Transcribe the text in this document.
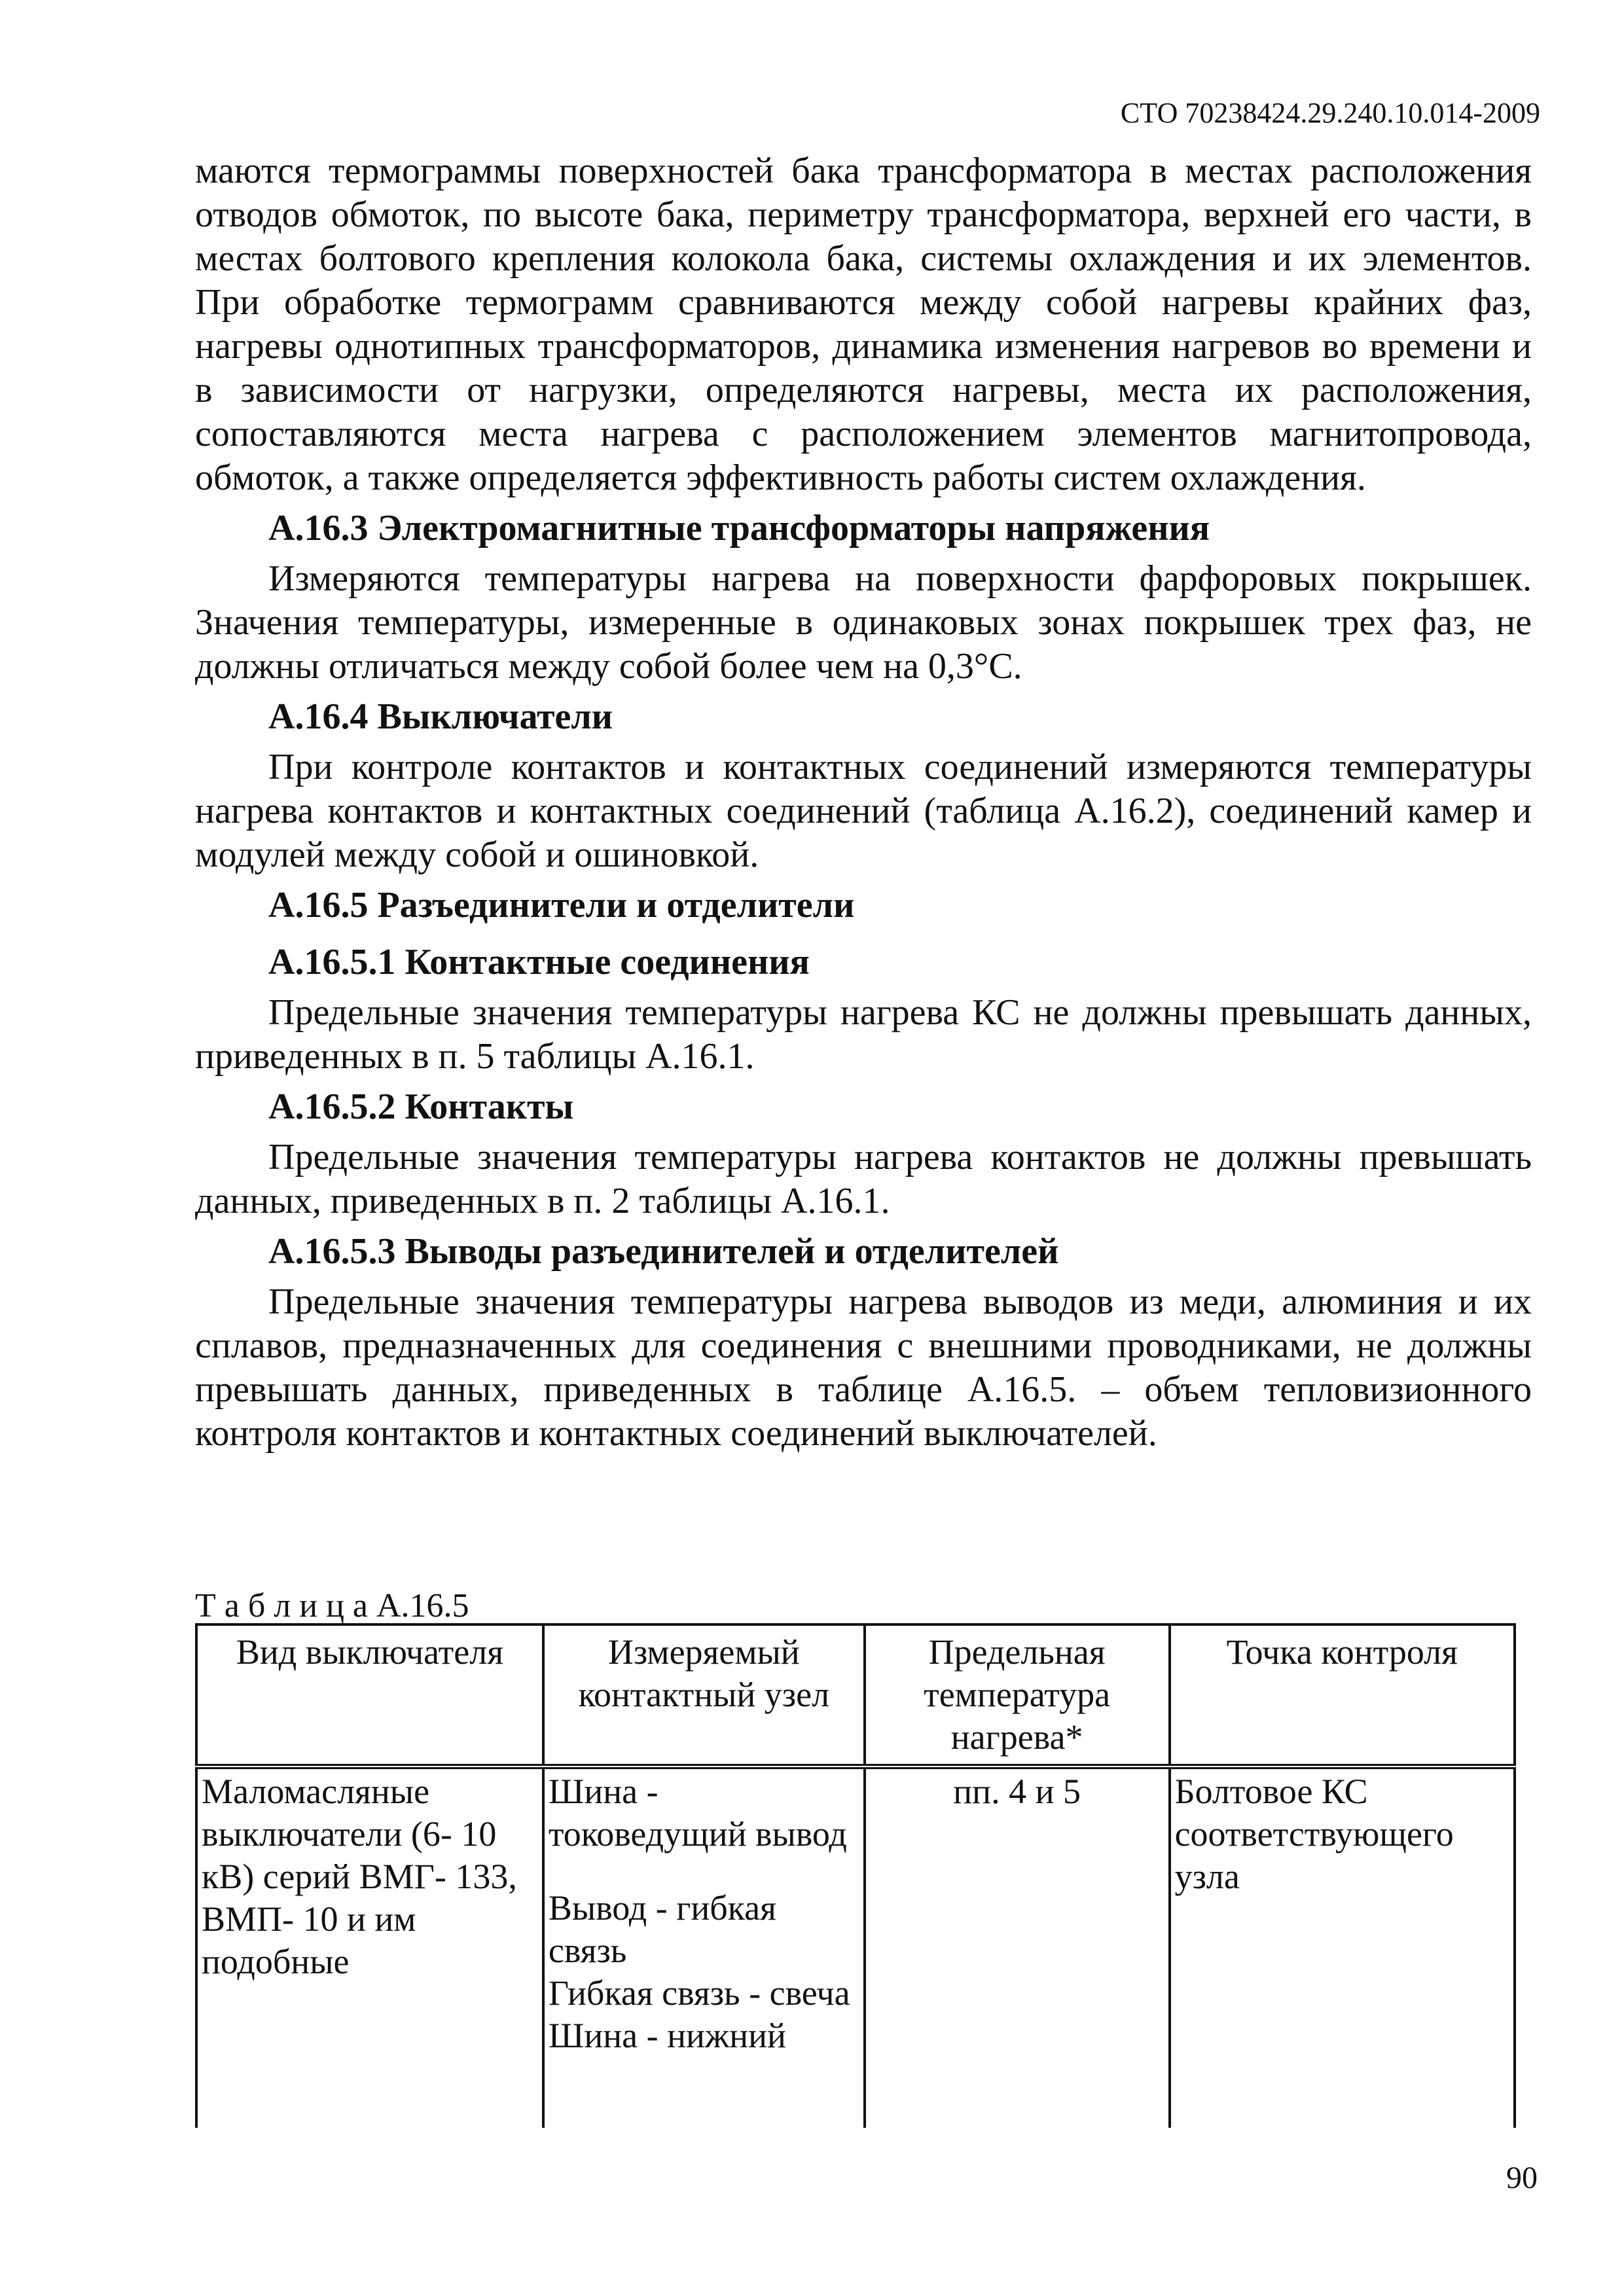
СТО 70238424.29.240.10.014-2009

маются термограммы поверхностей бака трансформатора в местах расположения отводов обмоток, по высоте бака, периметру трансформатора, верхней его части, в местах болтового крепления колокола бака, системы охлаждения и их элементов. При обработке термограмм сравниваются между собой нагревы крайних фаз, нагревы однотипных трансформаторов, динамика изменения нагревов во времени и в зависимости от нагрузки, определяются нагревы, места их расположения, сопоставляются места нагрева с расположением элементов магнитопровода, обмоток, а также определяется эффективность работы систем охлаждения.

А.16.3 Электромагнитные трансформаторы напряжения

Измеряются температуры нагрева на поверхности фарфоровых покрышек. Значения температуры, измеренные в одинаковых зонах покрышек трех фаз, не должны отличаться между собой более чем на 0,3°С.

А.16.4 Выключатели

При контроле контактов и контактных соединений измеряются температуры нагрева контактов и контактных соединений (таблица А.16.2), соединений камер и модулей между собой и ошиновкой.

А.16.5 Разъединители и отделители

А.16.5.1 Контактные соединения

Предельные значения температуры нагрева КС не должны превышать данных, приведенных в п. 5 таблицы А.16.1.

А.16.5.2 Контакты

Предельные значения температуры нагрева контактов не должны превышать данных, приведенных в п. 2 таблицы А.16.1.

А.16.5.3 Выводы разъединителей и отделителей

Предельные значения температуры нагрева выводов из меди, алюминия и их сплавов, предназначенных для соединения с внешними проводниками, не должны превышать данных, приведенных в таблице А.16.5. – объем тепловизионного контроля контактов и контактных соединений выключателей.

Т а б л и ц а А.16.5
Вид выключателя	Измеряемый контактный узел	Предельная температура нагрева*	Точка контроля
Маломасляные выключатели (6- 10 кВ) серий ВМГ- 133, ВМП- 10 и им подобные	Шина - токоведущий вывод
Вывод - гибкая связь
Гибкая связь - свеча
Шина - нижний	пп. 4 и 5	Болтовое КС соответствующего узла
90
